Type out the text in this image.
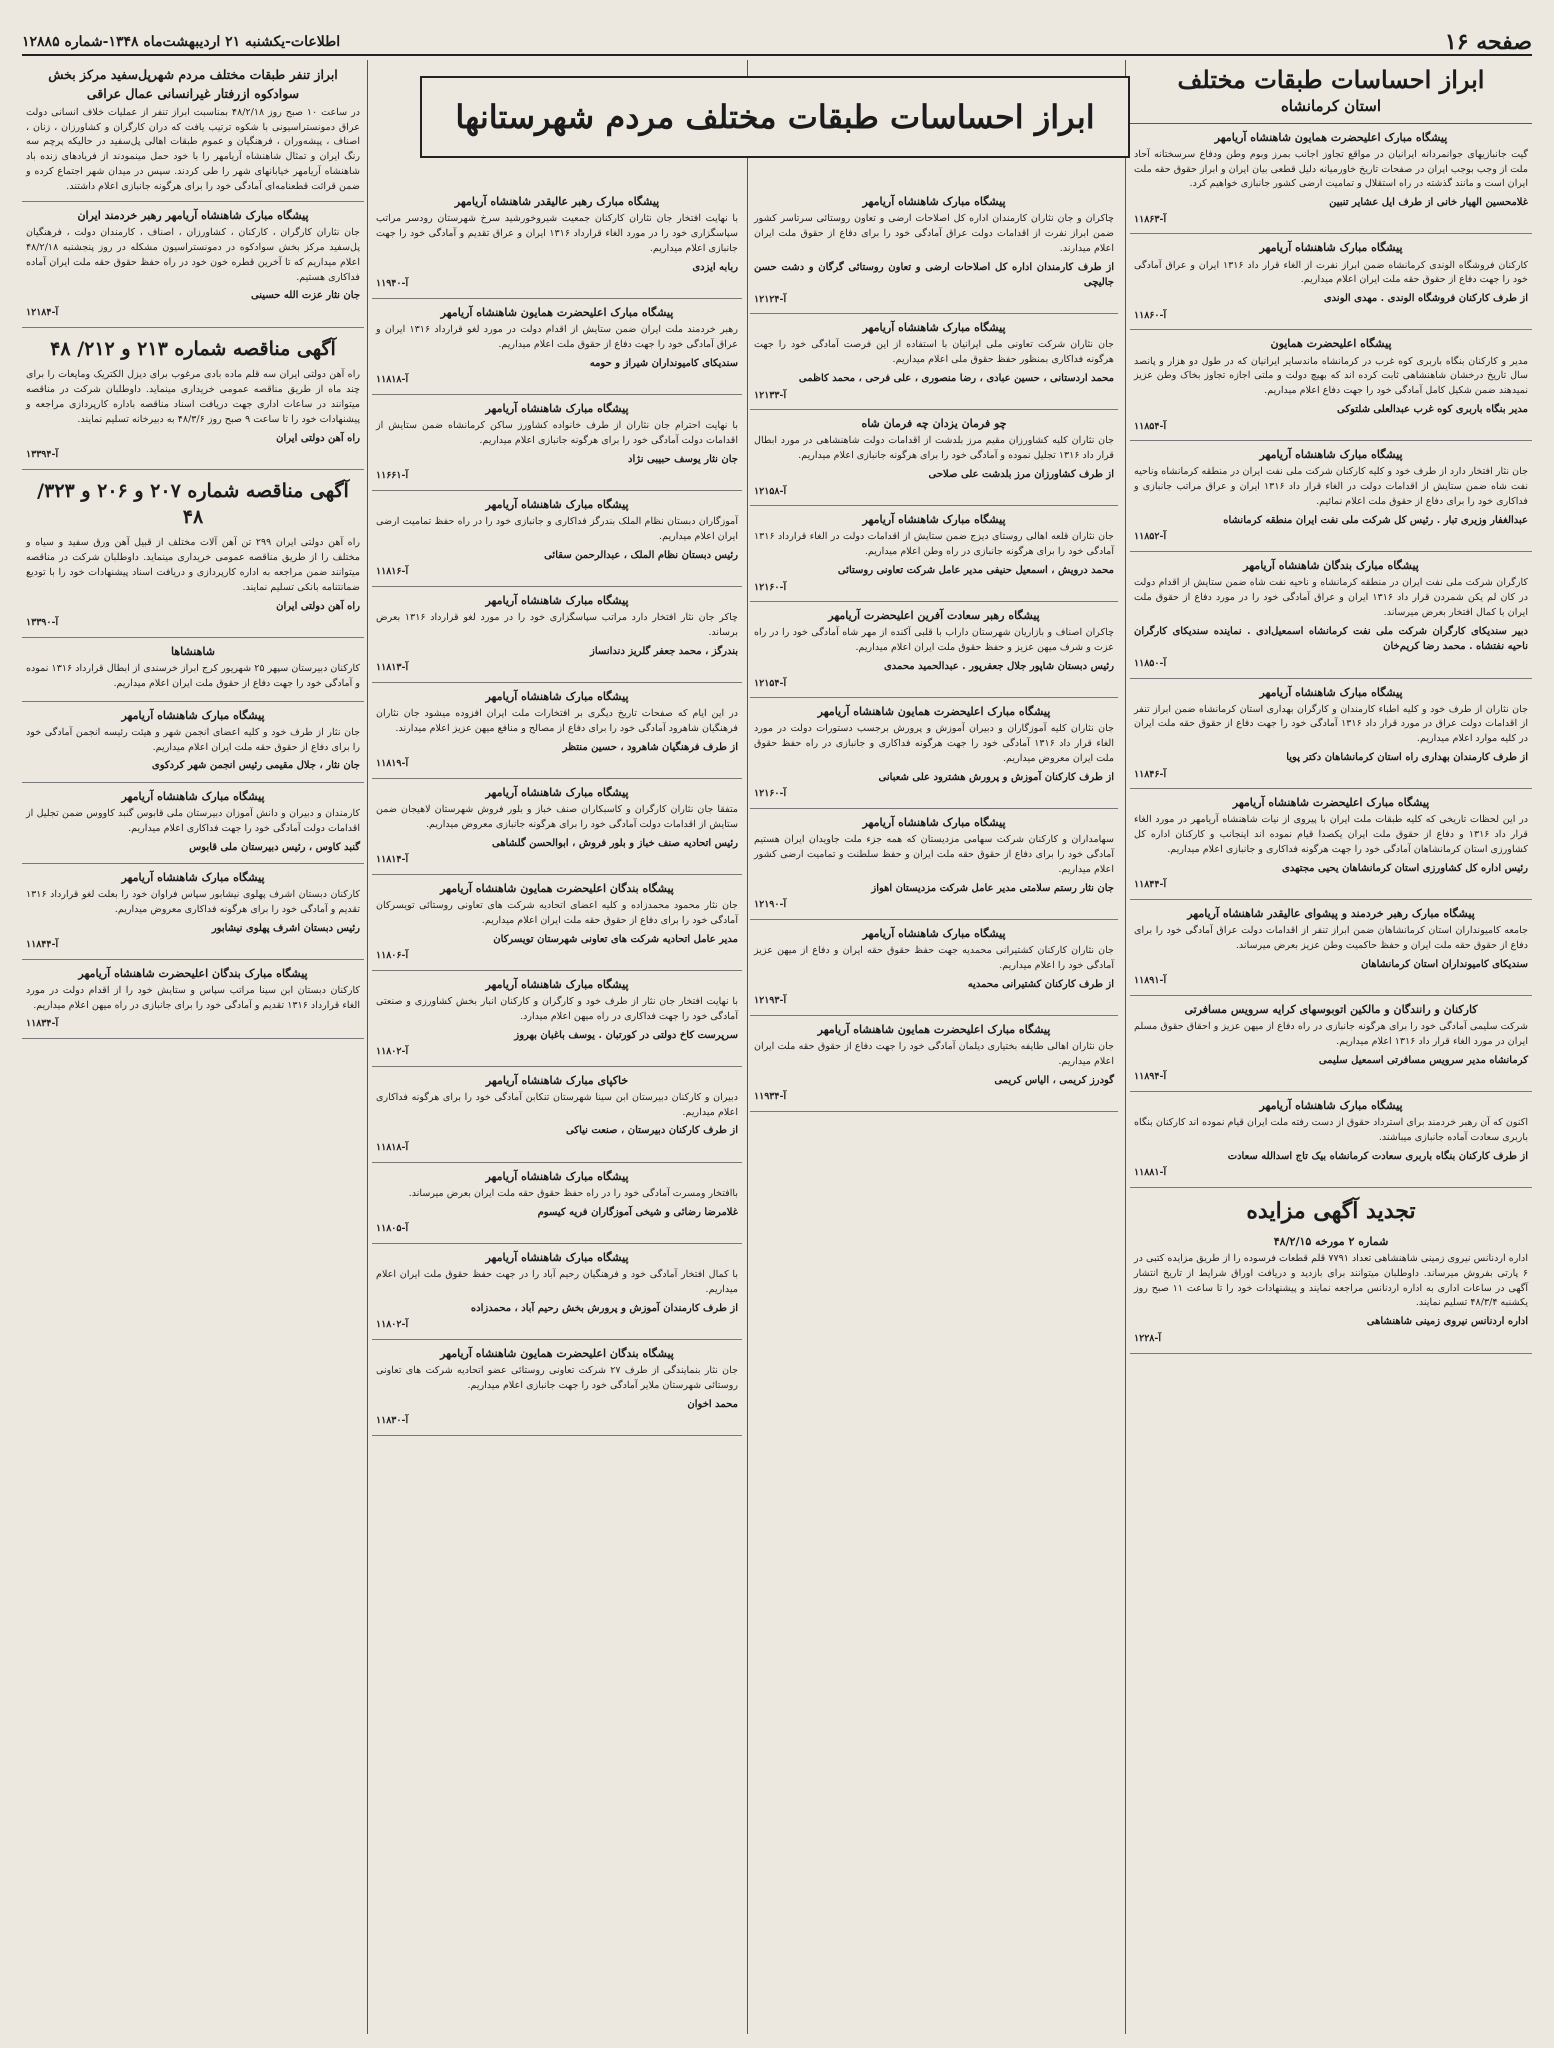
صفحه ۱۶
اطلاعات-یکشنبه ۲۱ اردیبهشت‌ماه ۱۳۴۸-شماره ۱۲۸۸۵
ابراز احساسات طبقات مختلف مردم شهرستانها
ابراز احساسات طبقات مختلف
استان کرمانشاه
پیشگاه مبارک اعلیحضرت همایون شاهنشاه آریامهر
گیت جانبازیهای جوانمردانه ایرانیان در مواقع تجاوز اجانب بمرز وبوم وطن ودفاع سرسختانه آحاد ملت از وجب بوجب ایران در صفحات تاریخ خاورمیانه دلیل قطعی بیان ایران و ابراز حقوق حقه ملت ایران است و مانند گذشته در راه استقلال و تمامیت ارضی کشور جانبازی خواهیم کرد.
غلامحسین الهیار خانی از طرف ایل عشایر تنبین
آ-۱۱۸۶۳
پیشگاه مبارک شاهنشاه آریامهر
کارکنان فروشگاه الوندی کرمانشاه ضمن ابراز نفرت از الغاء قرار داد ۱۳۱۶ ایران و عراق آمادگی خود را جهت دفاع از حقوق حقه ملت ایران اعلام میداریم.
از طرف کارکنان فروشگاه الوندی . مهدی الوندی
آ-۱۱۸۶۰
پیشگاه اعلیحضرت همایون
مدیر و کارکنان بنگاه باربری کوه غرب در کرمانشاه ماندسایر ایرانیان که در طول دو هزار و پانصد سال تاریخ درخشان شاهنشاهی ثابت کرده اند که بهیچ دولت و ملتی اجازه تجاوز بخاک وطن عزیز نمیدهند ضمن شکیل کامل آمادگی خود را جهت دفاع اعلام میداریم.
مدیر بنگاه باربری کوه غرب عبدالعلی شلتوکی
آ-۱۱۸۵۴
پیشگاه مبارک شاهنشاه آریامهر
جان نثار افتخار دارد از طرف خود و کلیه کارکنان شرکت ملی نفت ایران در منطقه کرمانشاه وناحیه نفت شاه ضمن ستایش از اقدامات دولت در الغاء قرار داد ۱۳۱۶ ایران و عراق مراتب جانبازی و فداکاری خود را برای دفاع از حقوق ملت اعلام نمائیم.
عبدالغفار وزیری تبار . رئیس کل شرکت ملی نفت ایران منطقه کرمانشاه
آ-۱۱۸۵۲
پیشگاه مبارک بندگان شاهنشاه آریامهر
کارگران شرکت ملی نفت ایران در منطقه کرمانشاه و ناحیه نفت شاه ضمن ستایش از اقدام دولت در کان لم یکن شمردن قرار داد ۱۳۱۶ ایران و عراق آمادگی خود را در مورد دفاع از حقوق ملت ایران با کمال افتخار بعرض میرساند.
دبیر سندیکای کارگران شرکت ملی نفت کرمانشاه اسمعیل‌ادی . نماینده سندیکای کارگران ناحیه نفتشاه . محمد رضا کریم‌خان
آ-۱۱۸۵۰
پیشگاه مبارک شاهنشاه آریامهر
جان نثاران از طرف خود و کلیه اطباء کارمندان و کارگران بهداری استان کرمانشاه ضمن ابراز تنفر از اقدامات دولت عراق در مورد قرار داد ۱۳۱۶ آمادگی خود را جهت دفاع از حقوق حقه ملت ایران در کلیه موارد اعلام میداریم.
از طرف کارمندان بهداری راه استان کرمانشاهان دکتر پویا
آ-۱۱۸۴۶
پیشگاه مبارک اعلیحضرت شاهنشاه آریامهر
در این لحظات تاریخی که کلیه طبقات ملت ایران با پیروی از نیات شاهنشاه آریامهر در مورد الغاء قرار داد ۱۳۱۶ و دفاع از حقوق ملت ایران یکصدا قیام نموده اند اینجانب و کارکنان اداره کل کشاورزی استان کرمانشاهان آمادگی خود را جهت هرگونه فداکاری و جانبازی اعلام میداریم.
رئیس اداره کل کشاورزی استان کرمانشاهان یحیی مجتهدی
آ-۱۱۸۴۴
پیشگاه مبارک رهبر خردمند و پیشوای عالیقدر شاهنشاه آریامهر
جامعه کامیونداران استان کرمانشاهان ضمن ابراز تنفر از اقدامات دولت عراق آمادگی خود را برای دفاع از حقوق حقه ملت ایران و حفظ حاکمیت وطن عزیز بعرض میرساند.
سندیکای کامیونداران استان کرمانشاهان
آ-۱۱۸۹۱
کارکنان و رانندگان و مالکین اتوبوسهای کرایه سرویس مسافرتی
شرکت سلیمی آمادگی خود را برای هرگونه جانبازی در راه دفاع از میهن عزیز و احقاق حقوق مسلم ایران در مورد الغاء قرار داد ۱۳۱۶ اعلام میداریم.
کرمانشاه مدیر سرویس مسافرتی اسمعیل سلیمی
آ-۱۱۸۹۴
پیشگاه مبارک شاهنشاه آریامهر
اکنون که آن رهبر خردمند برای استرداد حقوق از دست رفته ملت ایران قیام نموده اند کارکنان بنگاه باربری سعادت آماده جانبازی میباشند.
از طرف کارکنان بنگاه باربری سعادت کرمانشاه بیک تاج اسدالله سعادت
آ-۱۱۸۸۱
تجدید آگهی مزایده
شماره ۲ مورخه ۴۸/۲/۱۵
اداره اردنانس نیروی زمینی شاهنشاهی تعداد ۷۷۹۱ قلم قطعات فرسوده را از طریق مزایده کتبی در ۶ پارتی بفروش میرساند. داوطلبان میتوانند برای بازدید و دریافت اوراق شرایط از تاریخ انتشار آگهی در ساعات اداری به اداره اردنانس مراجعه نمایند و پیشنهادات خود را تا ساعت ۱۱ صبح روز یکشنبه ۴۸/۳/۴ تسلیم نمایند.
اداره اردنانس نیروی زمینی شاهنشاهی
آ-۱۲۲۸
پیشگاه مبارک شاهنشاه آریامهر
چاکران و جان نثاران کارمندان اداره کل اصلاحات ارضی و تعاون روستائی سرتاسر کشور ضمن ابراز نفرت از اقدامات دولت عراق آمادگی خود را برای دفاع از حقوق ملت ایران اعلام میدارند.
از طرف کارمندان اداره کل اصلاحات ارضی و تعاون روستائی گرگان و دشت حسن جالیچی
آ-۱۲۱۲۴
پیشگاه مبارک شاهنشاه آریامهر
جان نثاران شرکت تعاونی ملی ایرانیان با استفاده از این فرصت آمادگی خود را جهت هرگونه فداکاری بمنظور حفظ حقوق ملی اعلام میداریم.
محمد اردستانی ، حسین عبادی ، رضا منصوری ، علی فرحی ، محمد کاظمی
آ-۱۲۱۳۳
چو فرمان یزدان چه فرمان شاه
جان نثاران کلیه کشاورزان مقیم مرز بلدشت از اقدامات دولت شاهنشاهی در مورد ابطال قرار داد ۱۳۱۶ تجلیل نموده و آمادگی خود را برای هرگونه جانبازی اعلام میداریم.
از طرف کشاورزان مرز بلدشت علی صلاحی
آ-۱۲۱۵۸
پیشگاه مبارک شاهنشاه آریامهر
جان نثاران قلعه اهالی روستای دیزج ضمن ستایش از اقدامات دولت در الغاء قرارداد ۱۳۱۶ آمادگی خود را برای هرگونه جانبازی در راه وطن اعلام میداریم.
محمد درویش ، اسمعیل حنیفی مدیر عامل شرکت تعاونی روستائی
آ-۱۲۱۶۰
پیشگاه رهبر سعادت آفرین اعلیحضرت آریامهر
چاکران اصناف و بازاریان شهرستان داراب با قلبی آکنده از مهر شاه آمادگی خود را در راه عزت و شرف میهن عزیز و حفظ حقوق ملت ایران اعلام میداریم.
رئیس دبستان شاپور جلال جعفرپور . عبدالحمید محمدی
آ-۱۲۱۵۴
پیشگاه مبارک اعلیحضرت همایون شاهنشاه آریامهر
جان نثاران کلیه آموزگاران و دبیران آموزش و پرورش برجسب دستورات دولت در مورد الغاء قرار داد ۱۳۱۶ آمادگی خود را جهت هرگونه فداکاری و جانبازی در راه حفظ حقوق ملت ایران معروض میداریم.
از طرف کارکنان آموزش و پرورش هشترود علی شعبانی
آ-۱۲۱۶۰
پیشگاه مبارک شاهنشاه آریامهر
سهامداران و کارکنان شرکت سهامی مزدیستان که همه جزء ملت جاویدان ایران هستیم آمادگی خود را برای دفاع از حقوق حقه ملت ایران و حفظ سلطنت و تمامیت ارضی کشور اعلام میداریم.
جان نثار رستم سلامتی مدیر عامل شرکت مزدیستان اهواز
آ-۱۲۱۹۰
پیشگاه مبارک شاهنشاه آریامهر
جان نثاران کارکنان کشتیرانی محمدیه جهت حفظ حقوق حقه ایران و دفاع از میهن عزیز آمادگی خود را اعلام میداریم.
از طرف کارکنان کشتیرانی محمدیه
آ-۱۲۱۹۳
پیشگاه مبارک اعلیحضرت همایون شاهنشاه آریامهر
جان نثاران اهالی طایفه بختیاری دیلمان آمادگی خود را جهت دفاع از حقوق حقه ملت ایران اعلام میداریم.
گودرز کریمی ، الیاس کریمی
آ-۱۱۹۳۴
پیشگاه مبارک رهبر عالیقدر شاهنشاه آریامهر
با نهایت افتخار جان نثاران کارکنان جمعیت شیروخورشید سرخ شهرستان رودسر مراتب سپاسگزاری خود را در مورد الغاء قرارداد ۱۳۱۶ ایران و عراق تقدیم و آمادگی خود را جهت جانبازی اعلام میداریم.
ربابه ایزدی
آ-۱۱۹۴۰
پیشگاه مبارک اعلیحضرت همایون شاهنشاه آریامهر
رهبر خردمند ملت ایران ضمن ستایش از اقدام دولت در مورد لغو قرارداد ۱۳۱۶ ایران و عراق آمادگی خود را جهت دفاع از حقوق ملت اعلام میداریم.
سندیکای کامیونداران شیراز و حومه
آ-۱۱۸۱۸
پیشگاه مبارک شاهنشاه آریامهر
با نهایت احترام جان نثاران از طرف خانواده کشاورز ساکن کرمانشاه ضمن ستایش از اقدامات دولت آمادگی خود را برای هرگونه جانبازی اعلام میداریم.
جان نثار یوسف حبیبی نژاد
آ-۱۱۶۶۱
پیشگاه مبارک شاهنشاه آریامهر
آموزگاران دبستان نظام الملک بندرگز فداکاری و جانبازی خود را در راه حفظ تمامیت ارضی ایران اعلام میداریم.
رئیس دبستان نظام الملک ، عبدالرحمن سقائی
آ-۱۱۸۱۶
پیشگاه مبارک شاهنشاه آریامهر
چاکر جان نثار افتخار دارد مراتب سپاسگزاری خود را در مورد لغو قرارداد ۱۳۱۶ بعرض برساند.
بندرگز ، محمد جعفر گلریز دندانساز
آ-۱۱۸۱۳
پیشگاه مبارک شاهنشاه آریامهر
در این ایام که صفحات تاریخ دیگری بر افتخارات ملت ایران افزوده میشود جان نثاران فرهنگیان شاهرود آمادگی خود را برای دفاع از مصالح و منافع میهن عزیز اعلام میدارند.
از طرف فرهنگیان شاهرود ، حسین منتظر
آ-۱۱۸۱۹
پیشگاه مبارک شاهنشاه آریامهر
متفقا جان نثاران کارگران و کاسبکاران صنف خباز و بلور فروش شهرستان لاهیجان ضمن ستایش از اقدامات دولت آمادگی خود را برای هرگونه جانبازی معروض میداریم.
رئیس اتحادیه صنف خباز و بلور فروش ، ابوالحسن گلشاهی
آ-۱۱۸۱۴
پیشگاه بندگان اعلیحضرت همایون شاهنشاه آریامهر
جان نثار محمود محمدزاده و کلیه اعضای اتحادیه شرکت های تعاونی روستائی تویسرکان آمادگی خود را برای دفاع از حقوق حقه ملت ایران اعلام میداریم.
مدیر عامل اتحادیه شرکت های تعاونی شهرستان تویسرکان
آ-۱۱۸۰۶
پیشگاه مبارک شاهنشاه آریامهر
با نهایت افتخار جان نثار از طرف خود و کارگران و کارکنان انبار بخش کشاورزی و صنعتی آمادگی خود را جهت فداکاری در راه میهن اعلام میدارد.
سرپرست کاخ دولتی در کورتبان . یوسف باغبان بهروز
آ-۱۱۸۰۲
خاکپای مبارک شاهنشاه آریامهر
دبیران و کارکنان دبیرستان ابن سینا شهرستان تنکابن آمادگی خود را برای هرگونه فداکاری اعلام میداریم.
از طرف کارکنان دبیرستان ، صنعت نیاکی
آ-۱۱۸۱۸
پیشگاه مبارک شاهنشاه آریامهر
باافتخار ومسرت آمادگی خود را در راه حفظ حقوق حقه ملت ایران بعرض میرساند.
غلامرضا رضائی و شیخی آموزگاران فریه کیسوم
آ-۱۱۸۰۵
پیشگاه مبارک شاهنشاه آریامهر
با کمال افتخار آمادگی خود و فرهنگیان رحیم آباد را در جهت حفظ حقوق ملت ایران اعلام میداریم.
از طرف کارمندان آموزش و پرورش بخش رحیم آباد ، محمدزاده
آ-۱۱۸۰۲
پیشگاه بندگان اعلیحضرت همایون شاهنشاه آریامهر
جان نثار بنمایندگی از طرف ۲۷ شرکت تعاونی روستائی عضو اتحادیه شرکت های تعاونی روستائی شهرستان ملایر آمادگی خود را جهت جانبازی اعلام میداریم.
محمد اخوان
آ-۱۱۸۳۰
ابراز تنفر طبقات مختلف مردم شهرپل‌سفید مرکز بخش سوادکوه ازرفتار غیرانسانی عمال عراقی
در ساعت ۱۰ صبح روز ۴۸/۲/۱۸ بمناسبت ابراز تنفر از عملیات خلاف انسانی دولت عراق دمونستراسیونی با شکوه ترتیب یافت که دران کارگران و کشاورزان ، زنان ، اصناف ، پیشه‌وران ، فرهنگیان و عموم طبقات اهالی پل‌سفید در حالیکه پرچم سه رنگ ایران و تمثال شاهنشاه آریامهر را با خود حمل مینمودند از فریادهای زنده باد شاهنشاه آریامهر خیابانهای شهر را طی کردند. سپس در میدان شهر اجتماع کرده و ضمن قرائت قطعنامه‌ای آمادگی خود را برای هرگونه جانبازی اعلام داشتند.
پیشگاه مبارک شاهنشاه آریامهر رهبر خردمند ایران
جان نثاران کارگران ، کارکنان ، کشاورزان ، اصناف ، کارمندان دولت ، فرهنگیان پل‌سفید مرکز بخش سوادکوه در دمونستراسیون مشکله در روز پنجشنبه ۴۸/۲/۱۸ اعلام میداریم که تا آخرین قطره خون خود در راه حفظ حقوق حقه ملت ایران آماده فداکاری هستیم.
جان نثار عزت الله حسینی
آ-۱۲۱۸۴
آگهی مناقصه شماره ۲۱۳ و ۲۱۲/ ۴۸
راه آهن دولتی ایران سه قلم ماده بادی مرغوب برای دیزل الکتریک ومایعات را برای چند ماه از طریق مناقصه عمومی خریداری مینماید. داوطلبان شرکت در مناقصه میتوانند در ساعات اداری جهت دریافت اسناد مناقصه باداره کارپردازی مراجعه و پیشنهادات خود را تا ساعت ۹ صبح روز ۴۸/۳/۶ به دبیرخانه تسلیم نمایند.
راه آهن دولتی ایران
آ-۱۳۳۹۴
آگهی مناقصه شماره ۲۰۷ و ۲۰۶ و ۳۲۳/ ۴۸
راه آهن دولتی ایران ۲۹۹ تن آهن آلات مختلف از قبیل آهن ورق سفید و سیاه و مختلف را از طریق مناقصه عمومی خریداری مینماید. داوطلبان شرکت در مناقصه میتوانند ضمن مراجعه به اداره کارپردازی و دریافت اسناد پیشنهادات خود را با تودیع ضمانتنامه بانکی تسلیم نمایند.
راه آهن دولتی ایران
آ-۱۳۳۹۰
شاهنشاها
کارکنان دبیرستان سپهر ۲۵ شهریور کرج ابراز خرسندی از ابطال قرارداد ۱۳۱۶ نموده و آمادگی خود را جهت دفاع از حقوق ملت ایران اعلام میداریم.
پیشگاه مبارک شاهنشاه آریامهر
جان نثار از طرف خود و کلیه اعضای انجمن شهر و هیئت رئیسه انجمن آمادگی خود را برای دفاع از حقوق حقه ملت ایران اعلام میداریم.
جان نثار ، جلال مقیمی رئیس انجمن شهر کردکوی
پیشگاه مبارک شاهنشاه آریامهر
کارمندان و دبیران و دانش آموزان دبیرستان ملی قابوس گنبد کاووس ضمن تجلیل از اقدامات دولت آمادگی خود را جهت فداکاری اعلام میداریم.
گنبد کاوس ، رئیس دبیرستان ملی قابوس
پیشگاه مبارک شاهنشاه آریامهر
کارکنان دبستان اشرف پهلوی نیشابور سپاس فراوان خود را بعلت لغو قرارداد ۱۳۱۶ تقدیم و آمادگی خود را برای هرگونه فداکاری معروض میداریم.
رئیس دبستان اشرف پهلوی نیشابور
آ-۱۱۸۴۴
پیشگاه مبارک بندگان اعلیحضرت شاهنشاه آریامهر
کارکنان دبستان ابن سینا مراتب سپاس و ستایش خود را از اقدام دولت در مورد الغاء قرارداد ۱۳۱۶ تقدیم و آمادگی خود را برای جانبازی در راه میهن اعلام میداریم.
آ-۱۱۸۳۴
